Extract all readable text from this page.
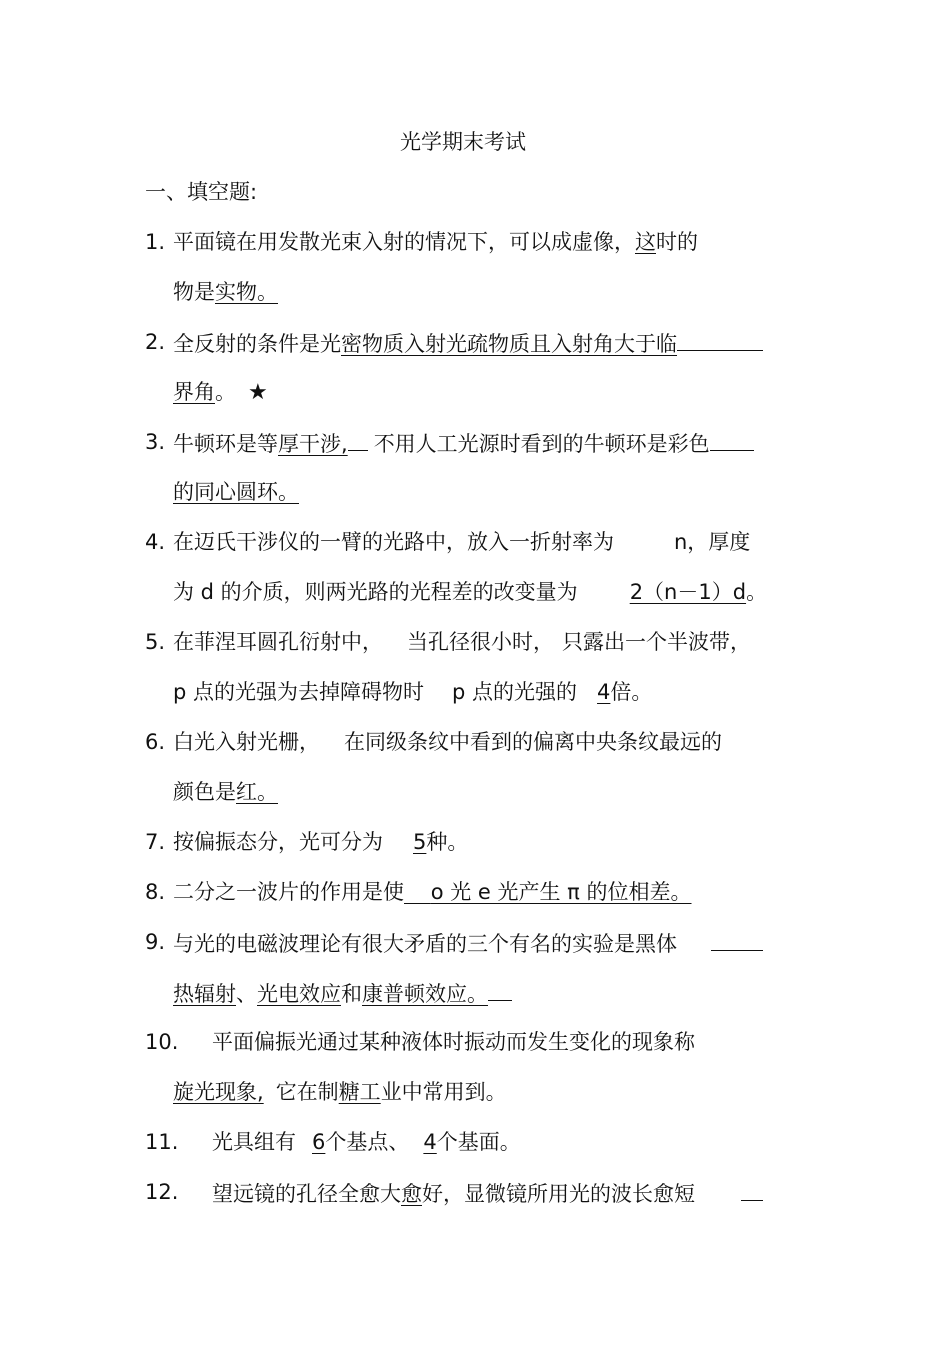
光学期末考试
一、填空题:
1. 平面镜在用发散光束入射的情况下，可以成虚像，这时的
物是实物。
2. 全反射的条件是光密物质入射光疏物质且入射角大于临
界角。 ★
3. 牛顿环是等厚干涉, 不用人工光源时看到的牛顿环是彩色
的同心圆环。
4. 在迈氏干涉仪的一臂的光路中，放入一折射率为	n，厚度
为 d 的介质，则两光路的光程差的改变量为 2（n－1）d。
5. 在菲涅耳圆孔衍射中， 当孔径很小时， 只露出一个半波带，
p 点的光强为去掉障碍物时 p 点的光强的 4倍。
6. 白光入射光栅， 在同级条纹中看到的偏离中央条纹最远的
颜色是红。
7. 按偏振态分，光可分为 5种。
8. 二分之一波片的作用是使 o 光 e 光产生 π 的位相差。
9. 与光的电磁波理论有很大矛盾的三个有名的实验是黑体
热辐射、光电效应和康普顿效应。
10. 平面偏振光通过某种液体时振动而发生变化的现象称
旋光现象, 它在制糖工业中常用到。
11. 光具组有 6个基点、 4个基面。
12. 望远镜的孔径全愈大愈好，显微镜所用光的波长愈短
